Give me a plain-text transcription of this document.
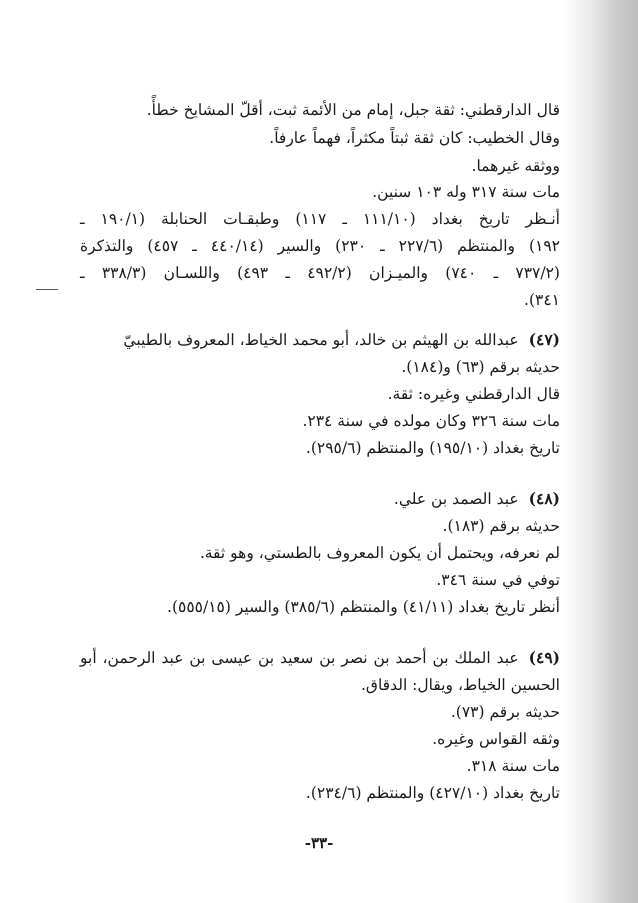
قال الدارقطني: ثقة جبل، إمام من الأئمة ثبت، أقلّ المشايخ خطأً.
وقال الخطيب: كان ثقة ثبتاً مكثراً، فهماً عارفاً.
ووثقه غيرهما.
مات سنة ٣١٧ وله ١٠٣ سنين.
أنـظر تاريخ بغداد (١١١/١٠ ـ ١١٧) وطبقـات الحنابلة (١٩٠/١ ـ
١٩٢) والمنتظم (٢٢٧/٦ ـ ٢٣٠) والسير (٤٤٠/١٤ ـ ٤٥٧) والتذكرة
(٧٣٧/٢ ـ ٧٤٠) والميـزان (٤٩٢/٢ ـ ٤٩٣) واللسـان (٣٣٨/٣ ـ
٣٤١).
(٤٧)عبدالله بن الهيثم بن خالد، أبو محمد الخياط، المعروف بالطيبيّ
حديثه برقم (٦٣) و(١٨٤).
قال الدارقطني وغيره: ثقة.
مات سنة ٣٢٦ وكان مولده في سنة ٢٣٤.
تاريخ بغداد (١٩٥/١٠) والمنتظم (٢٩٥/٦).
(٤٨)عبد الصمد بن علي.
حديثه برقم (١٨٣).
لم نعرفه، ويحتمل أن يكون المعروف بالطستي، وهو ثقة.
توفي في سنة ٣٤٦.
أنظر تاريخ بغداد (٤١/١١) والمنتظم (٣٨٥/٦) والسير (٥٥٥/١٥).
(٤٩)عبد الملك بن أحمد بن نصر بن سعيد بن عيسى بن عبد الرحمن، أبو
الحسين الخياط، ويقال: الدقاق.
حديثه برقم (٧٣).
وثقه القواس وغيره.
مات سنة ٣١٨.
تاريخ بغداد (٤٢٧/١٠) والمنتظم (٢٣٤/٦).
-٣٣-
